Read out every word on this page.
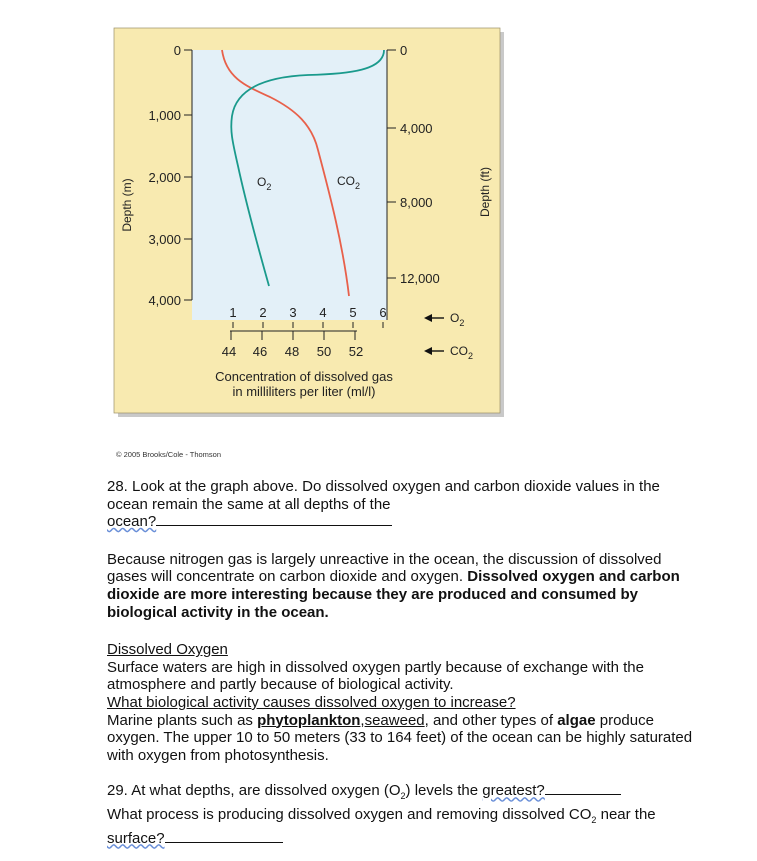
0
1,000
2,000
3,000
4,000
Depth (m)
0
4,000
8,000
12,000
Depth (ft)
$O_2$	$CO_2$
1 2 3 4 5 6
44 46 48 50 52
$O_2$
$CO_2$
Concentration of dissolved gas
in milliliters per liter (ml/l)
© 2005 Brooks/Cole - Thomson

28. Look at the graph above. Do dissolved oxygen and carbon dioxide values in the ocean remain the same at all depths of the
ocean?

Because nitrogen gas is largely unreactive in the ocean, the discussion of dissolved gases will concentrate on carbon dioxide and oxygen. Dissolved oxygen and carbon dioxide are more interesting because they are produced and consumed by biological activity in the ocean.

Dissolved Oxygen

Surface waters are high in dissolved oxygen partly because of exchange with the atmosphere and partly because of biological activity.

What biological activity causes dissolved oxygen to increase?

Marine plants such as phytoplankton,seaweed, and other types of algae produce oxygen. The upper 10 to 50 meters (33 to 164 feet) of the ocean can be highly saturated with oxygen from photosynthesis.

29. At what depths, are dissolved oxygen $(O_2)$ levels the greatest?
What process is producing dissolved oxygen and removing dissolved $CO_2$ near the surface?
